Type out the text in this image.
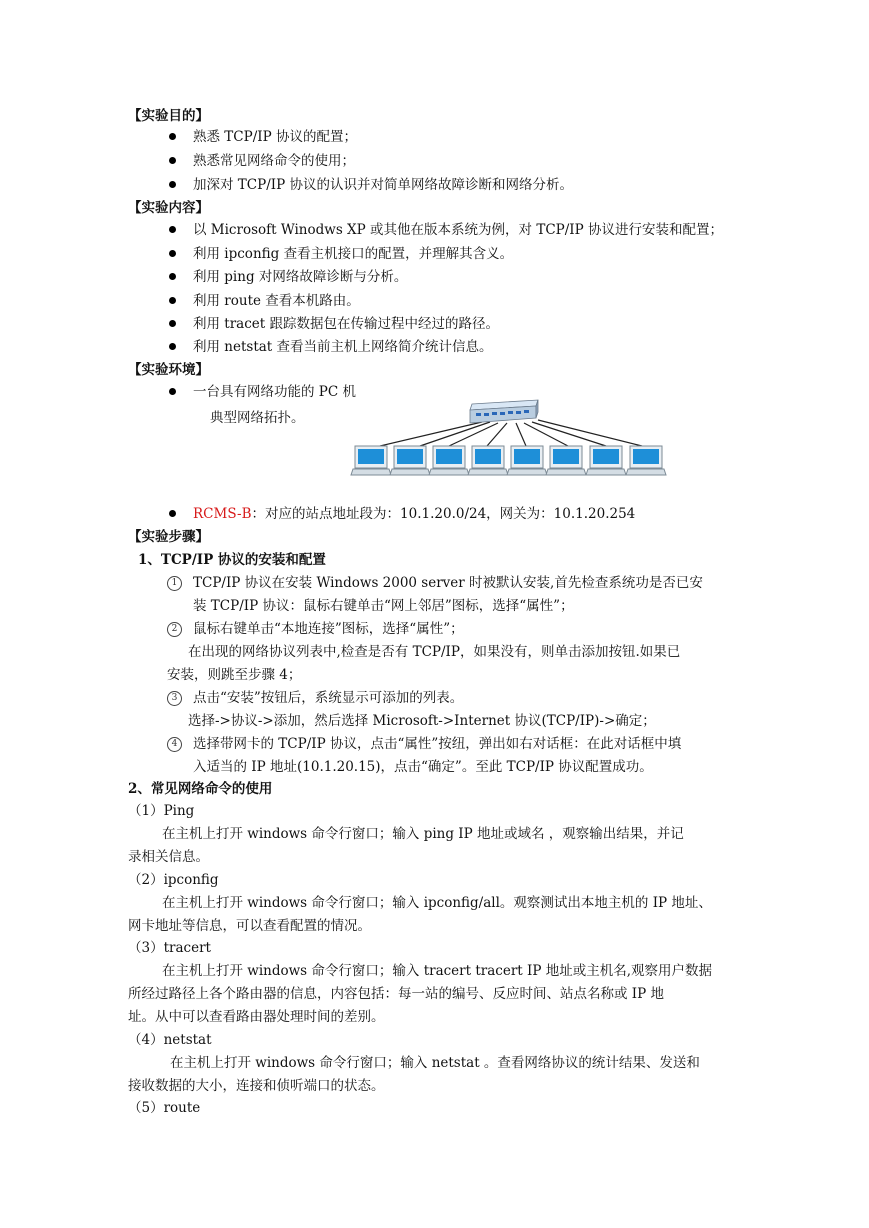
【实验目的】
熟悉 TCP/IP 协议的配置；
熟悉常见网络命令的使用；
加深对 TCP/IP 协议的认识并对简单网络故障诊断和网络分析。
【实验内容】
以 Microsoft Winodws XP 或其他在版本系统为例，对 TCP/IP 协议进行安装和配置；
利用 ipconfig 查看主机接口的配置，并理解其含义。
利用 ping 对网络故障诊断与分析。
利用 route 查看本机路由。
利用 tracet 跟踪数据包在传输过程中经过的路径。
利用 netstat 查看当前主机上网络简介统计信息。
【实验环境】
一台具有网络功能的 PC 机
典型网络拓扑。
RCMS-B：对应的站点地址段为：10.1.20.0/24，网关为：10.1.20.254
【实验步骤】
1、TCP/IP 协议的安装和配置
1	TCP/IP 协议在安装 Windows 2000 server 时被默认安装,首先检查系统功是否已安
装 TCP/IP 协议：鼠标右键单击“网上邻居”图标，选择“属性”；
2	鼠标右键单击“本地连接”图标，选择“属性”；
在出现的网络协议列表中,检查是否有 TCP/IP，如果没有，则单击添加按钮.如果已
安装，则跳至步骤 4；
3	点击“安装”按钮后，系统显示可添加的列表。
选择->协议->添加，然后选择 Microsoft->Internet 协议(TCP/IP)->确定；
4	选择带网卡的 TCP/IP 协议，点击“属性”按纽，弹出如右对话框：在此对话框中填
入适当的 IP 地址(10.1.20.15)，点击“确定”。至此 TCP/IP 协议配置成功。
2、常见网络命令的使用
（1）Ping
在主机上打开 windows 命令行窗口；输入 ping IP 地址或域名 ，观察输出结果，并记
录相关信息。
（2）ipconfig
在主机上打开 windows 命令行窗口；输入 ipconfig/all。观察测试出本地主机的 IP 地址、
网卡地址等信息，可以查看配置的情况。
（3）tracert
在主机上打开 windows 命令行窗口；输入 tracert tracert IP 地址或主机名,观察用户数据
所经过路径上各个路由器的信息，内容包括：每一站的编号、反应时间、站点名称或 IP 地
址。从中可以查看路由器处理时间的差别。
（4）netstat
在主机上打开 windows 命令行窗口；输入 netstat 。查看网络协议的统计结果、发送和
接收数据的大小，连接和侦听端口的状态。
（5）route
